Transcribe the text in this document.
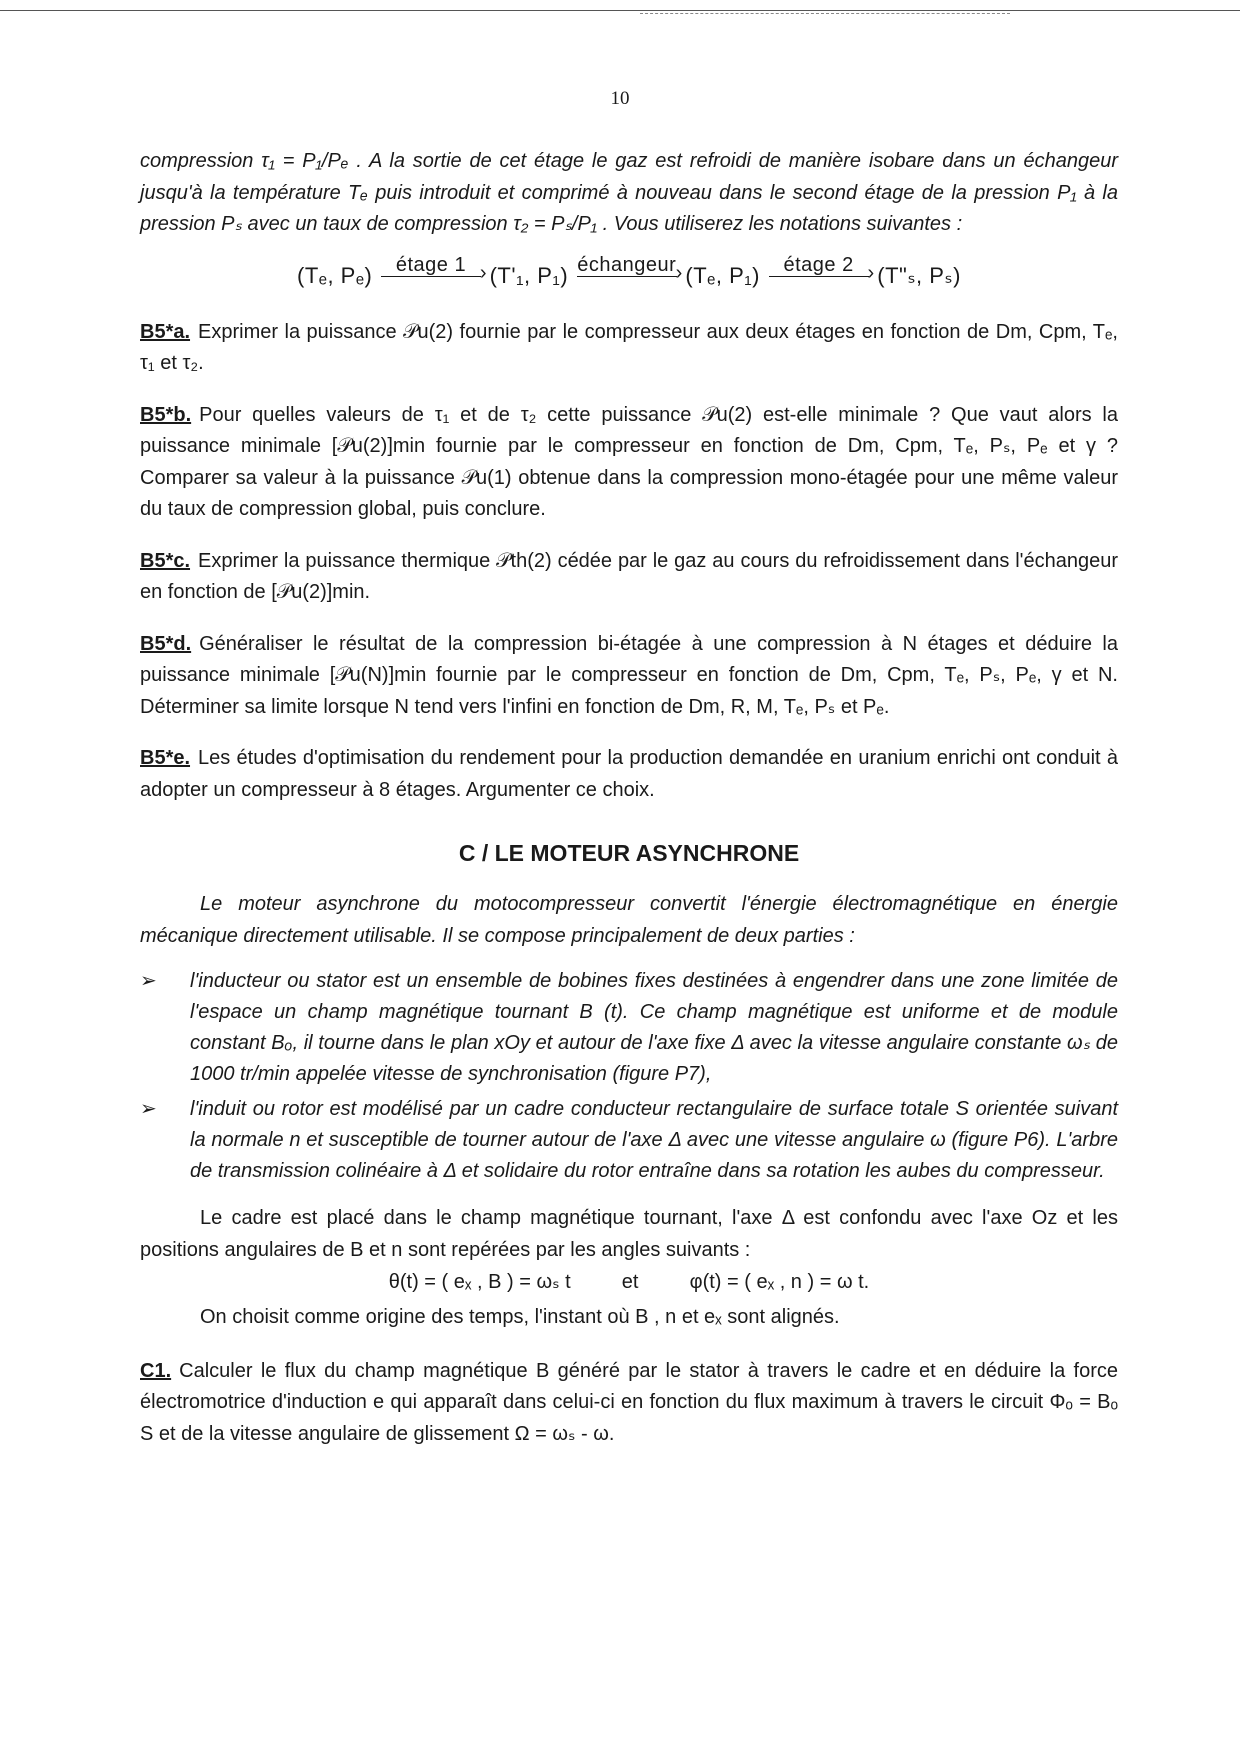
10

compression τ₁ = P₁/Pₑ . A la sortie de cet étage le gaz est refroidi de manière isobare dans un échangeur jusqu'à la température Tₑ puis introduit et comprimé à nouveau dans le second étage de la pression P₁ à la pression Pₛ avec un taux de compression τ₂ = Pₛ/P₁ . Vous utiliserez les notations suivantes :

(Tₑ, Pₑ)	étage 1 ›	(T'₁, P₁) échangeur › (Tₑ, P₁)	étage 2 ›	(T"ₛ, Pₛ)

B5*a. Exprimer la puissance 𝒫u(2) fournie par le compresseur aux deux étages en fonction de Dm, Cpm, Tₑ, τ₁ et τ₂.

B5*b. Pour quelles valeurs de τ₁ et de τ₂ cette puissance 𝒫u(2) est-elle minimale ? Que vaut alors la puissance minimale [𝒫u(2)]min fournie par le compresseur en fonction de Dm, Cpm, Tₑ, Pₛ, Pₑ et γ ? Comparer sa valeur à la puissance 𝒫u(1) obtenue dans la compression mono-étagée pour une même valeur du taux de compression global, puis conclure.

B5*c. Exprimer la puissance thermique 𝒫th(2) cédée par le gaz au cours du refroidissement dans l'échangeur en fonction de [𝒫u(2)]min.

B5*d. Généraliser le résultat de la compression bi-étagée à une compression à N étages et déduire la puissance minimale [𝒫u(N)]min fournie par le compresseur en fonction de Dm, Cpm, Tₑ, Pₛ, Pₑ, γ et N. Déterminer sa limite lorsque N tend vers l'infini en fonction de Dm, R, M, Tₑ, Pₛ et Pₑ.

B5*e. Les études d'optimisation du rendement pour la production demandée en uranium enrichi ont conduit à adopter un compresseur à 8 étages. Argumenter ce choix.

C / LE MOTEUR ASYNCHRONE

Le moteur asynchrone du motocompresseur convertit l'énergie électromagnétique en énergie mécanique directement utilisable. Il se compose principalement de deux parties :

➢ l'inducteur ou stator est un ensemble de bobines fixes destinées à engendrer dans une zone limitée de l'espace un champ magnétique tournant B (t). Ce champ magnétique est uniforme et de module constant Bₒ, il tourne dans le plan xOy et autour de l'axe fixe Δ avec la vitesse angulaire constante ωₛ de 1000 tr/min appelée vitesse de synchronisation (figure P7),
➢ l'induit ou rotor est modélisé par un cadre conducteur rectangulaire de surface totale S orientée suivant la normale n et susceptible de tourner autour de l'axe Δ avec une vitesse angulaire ω (figure P6). L'arbre de transmission colinéaire à Δ et solidaire du rotor entraîne dans sa rotation les aubes du compresseur.

Le cadre est placé dans le champ magnétique tournant, l'axe Δ est confondu avec l'axe Oz et les positions angulaires de B et n sont repérées par les angles suivants :

θ(t) = ( eₓ , B ) = ωₛ t	et	φ(t) = ( eₓ , n ) = ω t.

On choisit comme origine des temps, l'instant où B , n et eₓ sont alignés.

C1. Calculer le flux du champ magnétique B généré par le stator à travers le cadre et en déduire la force électromotrice d'induction e qui apparaît dans celui-ci en fonction du flux maximum à travers le circuit Φₒ = Bₒ S et de la vitesse angulaire de glissement Ω = ωₛ - ω.
